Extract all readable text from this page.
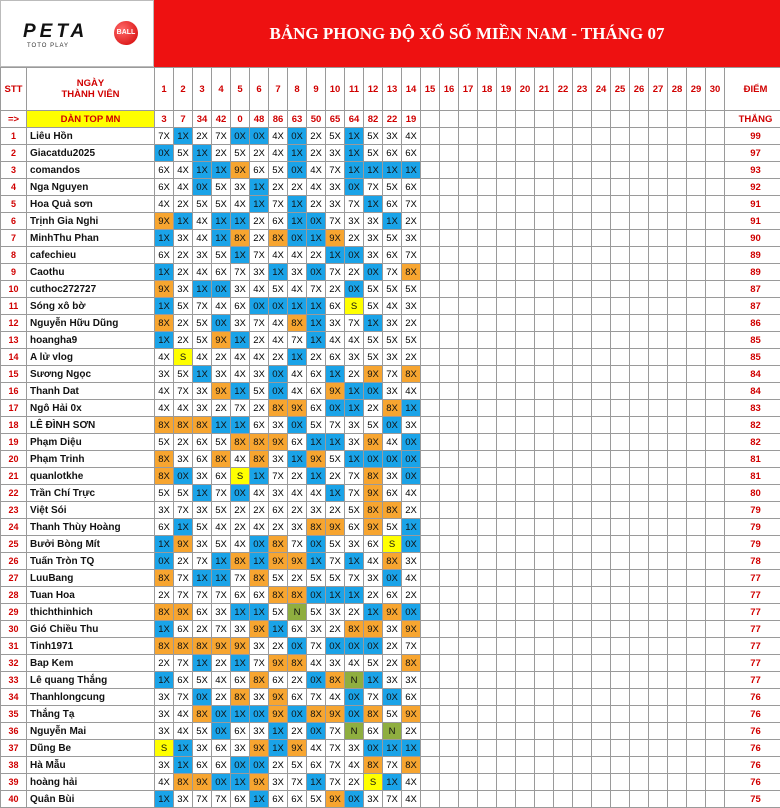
PETA	BALL
TOTO PLAY
BẢNG PHONG ĐỘ XỔ SỐ MIỀN NAM - THÁNG 07
STT	NGÀY
THÀNH VIÊN	1	2	3	4	5	6	7	8	9	10	11	12	13	14	15	16	17	18	19	20	21	22	23	24	25	26	27	28	29	30	ĐIỂM
=>	DÀN TOP MN	3	7	34	42	0	48	86	63	50	65	64	82	22	19																	THẮNG
1	Liêu Hồn	7X	1X	2X	7X	0X	0X	4X	0X	2X	5X	1X	5X	3X	4X																	99
2	Giacatdu2025	0X	5X	1X	2X	5X	2X	4X	1X	2X	3X	1X	5X	6X	6X																	97
3	comandos	6X	4X	1X	1X	9X	6X	5X	0X	4X	7X	1X	1X	1X	1X																	93
4	Nga Nguyen	6X	4X	0X	5X	3X	1X	2X	2X	4X	3X	0X	7X	5X	6X																	92
5	Hoa Quả sơn	4X	2X	5X	5X	4X	1X	7X	1X	2X	3X	7X	1X	6X	7X																	91
6	Trịnh Gia Nghi	9X	1X	4X	1X	1X	2X	6X	1X	0X	7X	3X	3X	1X	2X																	91
7	MinhThu Phan	1X	3X	4X	1X	8X	2X	8X	0X	1X	9X	2X	3X	5X	3X																	90
8	cafechieu	6X	2X	3X	5X	1X	7X	4X	4X	2X	1X	0X	3X	6X	7X																	89
9	Caothu	1X	2X	4X	6X	7X	3X	1X	3X	0X	7X	2X	0X	7X	8X																	89
10	cuthoc272727	9X	3X	1X	0X	3X	4X	5X	4X	7X	2X	0X	5X	5X	5X																	87
11	Sóng xô bờ	1X	5X	7X	4X	6X	0X	0X	1X	1X	6X	S	5X	4X	3X																	87
12	Nguyễn Hữu Dũng	8X	2X	5X	0X	3X	7X	4X	8X	1X	3X	7X	1X	3X	2X																	86
13	hoangha9	1X	2X	5X	9X	1X	2X	4X	7X	1X	4X	4X	5X	5X	5X																	85
14	A lử vlog	4X	S	4X	2X	4X	4X	2X	1X	2X	6X	3X	5X	3X	2X																	85
15	Sương Ngọc	3X	5X	1X	3X	4X	3X	0X	4X	6X	1X	2X	9X	7X	8X																	84
16	Thanh Dat	4X	7X	3X	9X	1X	5X	0X	4X	6X	9X	1X	0X	3X	4X																	84
17	Ngô Hải 0x	4X	4X	3X	2X	7X	2X	8X	9X	6X	0X	1X	2X	8X	1X																	83
18	LÊ ĐÌNH SƠN	8X	8X	8X	1X	1X	6X	3X	0X	5X	7X	3X	5X	0X	3X																	82
19	Phạm Diệu	5X	2X	6X	5X	8X	8X	9X	6X	1X	1X	3X	9X	4X	0X																	82
20	Phạm Trinh	8X	3X	6X	8X	4X	8X	3X	1X	9X	5X	1X	0X	0X	0X																	81
21	quanlotkhe	8X	0X	3X	6X	S	1X	7X	2X	1X	2X	7X	8X	3X	0X																	81
22	Trần Chí Trực	5X	5X	1X	7X	0X	4X	3X	4X	4X	1X	7X	9X	6X	4X																	80
23	Việt Sói	3X	7X	3X	5X	2X	2X	6X	2X	3X	2X	5X	8X	8X	2X																	79
24	Thanh Thùy Hoàng	6X	1X	5X	4X	2X	4X	2X	3X	8X	9X	6X	9X	5X	1X																	79
25	Bưởi Bòng Mít	1X	9X	3X	5X	4X	0X	8X	7X	0X	5X	3X	6X	S	0X																	79
26	Tuấn Tròn TQ	0X	2X	7X	1X	8X	1X	9X	9X	1X	7X	1X	4X	8X	3X																	78
27	LuuBang	8X	7X	1X	1X	7X	8X	5X	2X	5X	5X	7X	3X	0X	4X																	77
28	Tuan Hoa	2X	7X	7X	7X	6X	6X	8X	8X	0X	1X	1X	2X	6X	2X																	77
29	thichthinhich	8X	9X	6X	3X	1X	1X	5X	N	5X	3X	2X	1X	9X	0X																	77
30	Gió Chiều Thu	1X	6X	2X	7X	3X	9X	1X	6X	3X	2X	8X	9X	3X	9X																	77
31	Tinh1971	8X	8X	8X	9X	9X	3X	2X	0X	7X	0X	0X	0X	2X	7X																	77
32	Bap Kem	2X	7X	1X	2X	1X	7X	9X	8X	4X	3X	4X	5X	2X	8X																	77
33	Lê quang Thắng	1X	6X	5X	4X	6X	8X	6X	2X	0X	8X	N	1X	3X	3X																	77
34	Thanhlongcung	3X	7X	0X	2X	8X	3X	9X	6X	7X	4X	0X	7X	0X	6X																	76
35	Thắng Tạ	3X	4X	8X	0X	1X	0X	9X	0X	8X	9X	0X	8X	5X	9X																	76
36	Nguyễn Mai	3X	4X	5X	0X	6X	3X	1X	2X	0X	7X	N	6X	N	2X																	76
37	Dũng Be	S	1X	3X	6X	3X	9X	1X	9X	4X	7X	3X	0X	1X	1X																	76
38	Hà Mẫu	3X	1X	6X	6X	0X	0X	2X	5X	6X	7X	4X	8X	7X	8X																	76
39	hoàng hải	4X	8X	9X	0X	1X	9X	3X	7X	1X	7X	2X	S	1X	4X																	76
40	Quân Bùi	1X	3X	7X	7X	6X	1X	6X	6X	5X	9X	0X	3X	7X	4X																	75
